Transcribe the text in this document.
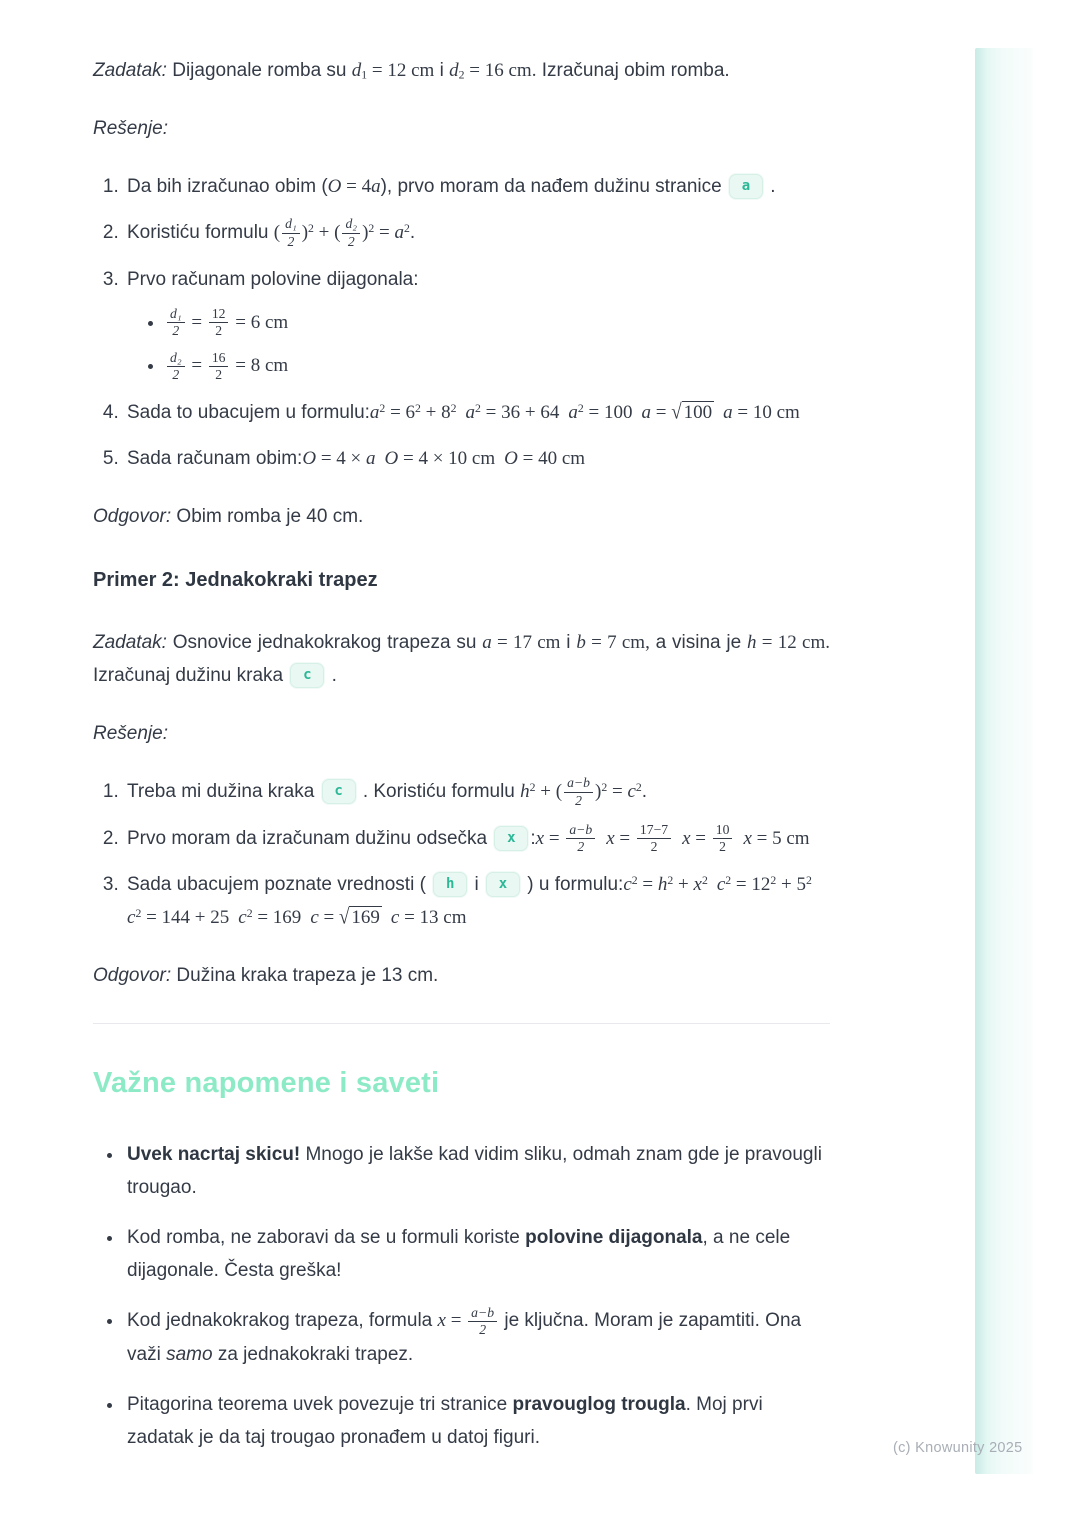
Zadatak: Dijagonale romba su $d_1 = 12$ cm i $d_2 = 16$ cm. Izračunaj obim romba.

Rešenje:

1. Da bih izračunao obim (O = 4a), prvo moram da nađem dužinu stranice a .
2. Koristiću formulu ( $\frac{\text{d₁}}{2} )^2$ + ( $\frac{\text{d₂}}{2} )^2 = a^2$.
3. Prvo računam polovine dijagonala:
• $\frac{\text{d₁}}{2} = \frac{12}{2} = 6$ cm
• $\frac{\text{d₂}}{2} = \frac{16}{2} = 8$ cm
4. Sada to ubacujem u $formulu:a^2 = 6^2 + 8^2$ $a^2 = 36 + 64$ $a^2 = 100$ a = √ 100 a = 10 cm
5. Sada računam obim:O = 4 × a O = 4 × 10 cm O = 40 cm

Odgovor: Obim romba je 40 cm.

Primer 2: Jednakokraki trapez

Zadatak: Osnovice jednakokrakog trapeza su a = 17 cm i b = 7 cm, a visina je h = 12 cm. Izračunaj dužinu kraka c .

Rešenje:

1. Treba mi dužina kraka c . Koristiću formulu $h^2$ + ( $\frac{a-b}{2} )^2 = c^2$.
2. Prvo moram da izračunam dužinu odsečka x :x = $\frac{a-b}{2}$ $x = \frac{17-7}{2}$ $x = \frac{10}{2}$ x = 5 cm
3. Sada ubacujem poznate vrednosti ( h i x ) u $formulu:c^2 = h^2 + x^2$ $c^2 = 12^2 + 5^2c^2 = 144 + 25$ $c^2 = 169$ c = √ 169 c = 13 cm

Odgovor: Dužina kraka trapeza je 13 cm.

Važne napomene i saveti
• Uvek nacrtaj skicu! Mnogo je lakše kad vidim sliku, odmah znam gde je pravougli trougao.
• Kod romba, ne zaboravi da se u formuli koriste polovine dijagonala, a ne cele dijagonale. Česta greška!
• Kod jednakokrakog trapeza, formula $x = \frac{a-b}{2}$ je ključna. Moram je zapamtiti. Ona važi samo za jednakokraki trapez.
• Pitagorina teorema uvek povezuje tri stranice pravouglog trougla. Moj prvi zadatak je da taj trougao pronađem u datoj figuri.
(c) Knowunity 2025
